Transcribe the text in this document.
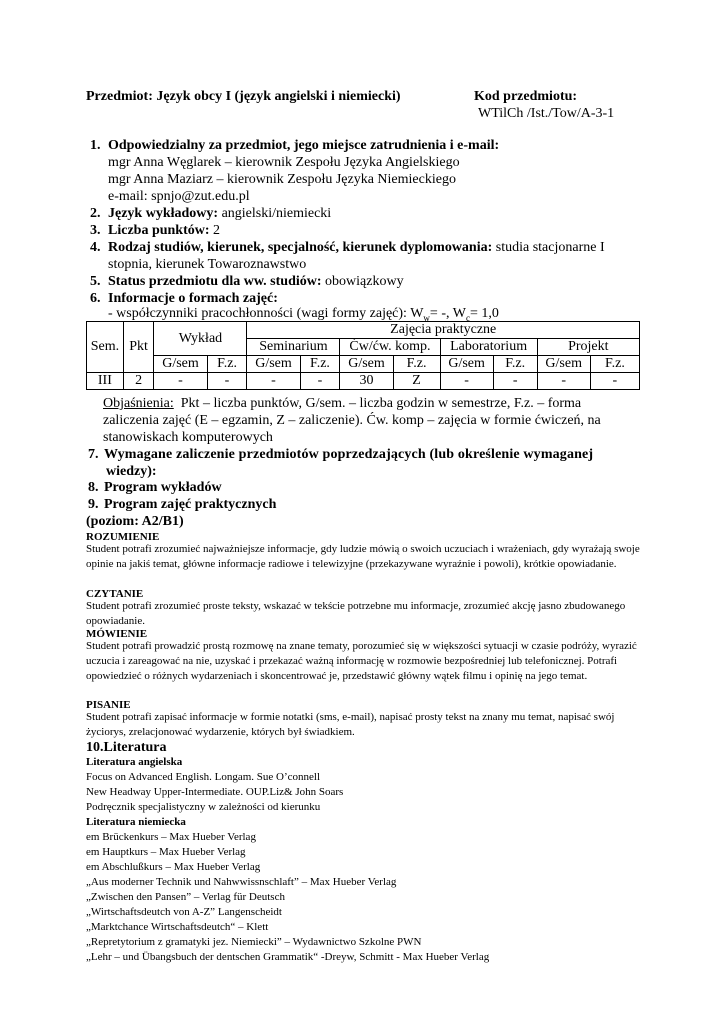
Przedmiot: Język obcy I (język angielski i niemiecki)	Kod przedmiotu:
WTilCh /Ist./Tow/A-3-1
1. Odpowiedzialny za przedmiot, jego miejsce zatrudnienia i e-mail:
mgr Anna Węglarek – kierownik Zespołu Języka Angielskiego
mgr Anna Maziarz – kierownik Zespołu Języka Niemieckiego
e-mail: spnjo@zut.edu.pl
2. Język wykładowy: angielski/niemiecki
3. Liczba punktów: 2
4. Rodzaj studiów, kierunek, specjalność, kierunek dyplomowania: studia stacjonarne I
stopnia, kierunek Towaroznawstwo
5. Status przedmiotu dla ww. studiów: obowiązkowy
6. Informacje o formach zajęć:
- współczynniki pracochłonności (wagi formy zajęć): $W_w=$ -, $W_c= 1,0$
Sem.	Pkt	Wykład		Zajęcia praktyczne							
				Seminarium		Ćw/ćw. komp.		Laboratorium		Projekt	
		G/sem	F.z.	G/sem	F.z.	G/sem	F.z.	G/sem	F.z.	G/sem	F.z.
III	2	-	-	-	-	30	Z	-	-	-	-
Objaśnienia: Pkt – liczba punktów, G/sem. – liczba godzin w semestrze, F.z. – forma
zaliczenia zajęć (E – egzamin, Z – zaliczenie). Ćw. komp – zajęcia w formie ćwiczeń, na
stanowiskach komputerowych
7. Wymagane zaliczenie przedmiotów poprzedzających (lub określenie wymaganej
wiedzy):
8. Program wykładów
9. Program zajęć praktycznych
(poziom: A2/B1)
ROZUMIENIE
Student potrafi zrozumieć najważniejsze informacje, gdy ludzie mówią o swoich uczuciach i wrażeniach, gdy wyrażają swoje opinie na jakiś temat, główne informacje radiowe i telewizyjne (przekazywane wyraźnie i powoli), krótkie opowiadanie.
CZYTANIE
Student potrafi zrozumieć proste teksty, wskazać w tekście potrzebne mu informacje, zrozumieć akcję jasno zbudowanego opowiadanie.
MÓWIENIE
Student potrafi prowadzić prostą rozmowę na znane tematy, porozumieć się w większości sytuacji w czasie podróży, wyrazić uczucia i zareagować na nie, uzyskać i przekazać ważną informację w rozmowie bezpośredniej lub telefonicznej. Potrafi opowiedzieć o różnych wydarzeniach i skoncentrować je, przedstawić główny wątek filmu i opinię na jego temat.
PISANIE
Student potrafi zapisać informacje w formie notatki (sms, e-mail), napisać prosty tekst na znany mu temat, napisać swój życiorys, zrelacjonować wydarzenie, których był świadkiem.
10.Literatura
Literatura angielska
Focus on Advanced English. Longam. Sue O’connell
New Headway Upper-Intermediate. OUP.Liz& John Soars
Podręcznik specjalistyczny w zależności od kierunku
Literatura niemiecka
em Brückenkurs – Max Hueber Verlag
em Hauptkurs – Max Hueber Verlag
em Abschlußkurs – Max Hueber Verlag
„Aus moderner Technik und Nahwwissnschlaft” – Max Hueber Verlag
„Zwischen den Pansen” – Verlag für Deutsch
„Wirtschaftsdeutch von A-Z” Langenscheidt
„Marktchance Wirtschaftsdeutch“ – Klett
„Repretytorium z gramatyki jez. Niemiecki” – Wydawnictwo Szkolne PWN
„Lehr – und Übangsbuch der dentschen Grammatik“ -Dreyw, Schmitt - Max Hueber Verlag
